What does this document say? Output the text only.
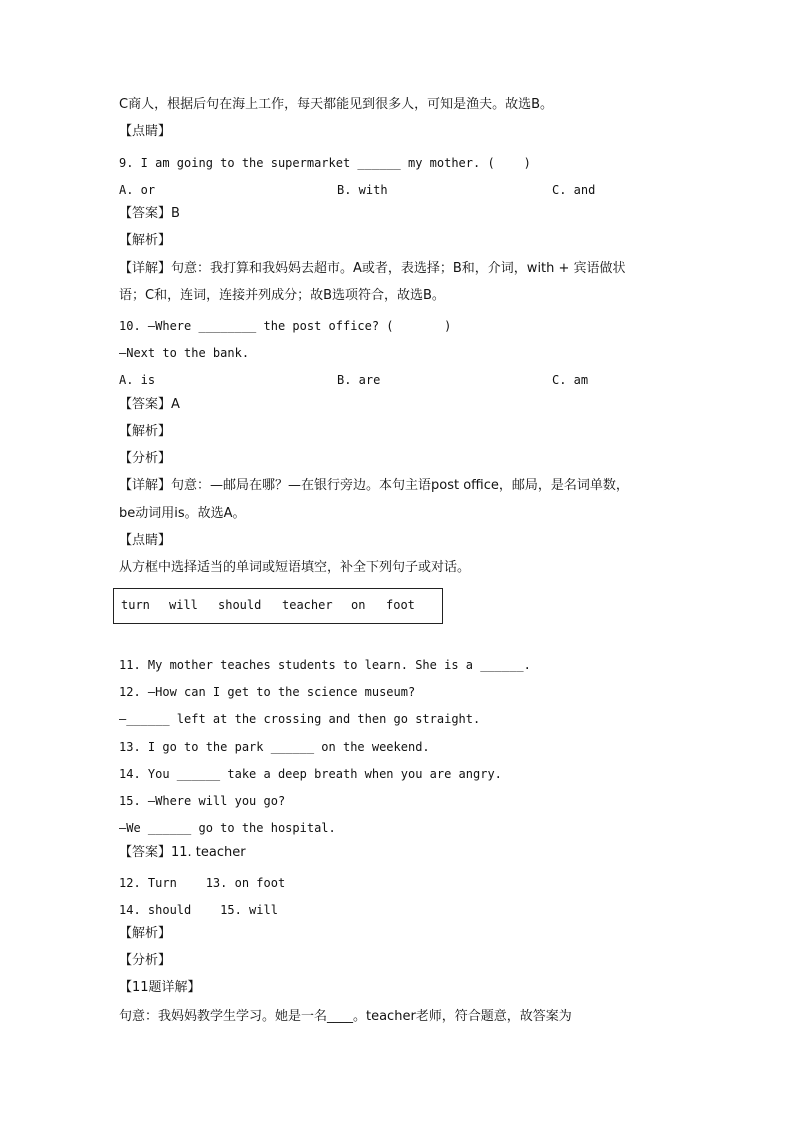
C商人，根据后句在海上工作，每天都能见到很多人，可知是渔夫。故选B。
【点睛】
9. I am going to the supermarket ______ my mother. (    )
A. or	B. with	C. and
【答案】B
【解析】
【详解】句意：我打算和我妈妈去超市。A或者，表选择；B和，介词，with + 宾语做状
语；C和，连词，连接并列成分；故B选项符合，故选B。
10. —Where ________ the post office? (       )
—Next to the bank.
A. is	B. are	C. am
【答案】A
【解析】
【分析】
【详解】句意：—邮局在哪？—在银行旁边。本句主语post office，邮局，是名词单数，
be动词用is。故选A。
【点睛】
从方框中选择适当的单词或短语填空，补全下列句子或对话。
turn will should teacher on foot
11. My mother teaches students to learn. She is a ______.
12. —How can I get to the science museum?
—______ left at the crossing and then go straight.
13. I go to the park ______ on the weekend.
14. You ______ take a deep breath when you are angry.
15. —Where will you go?
—We ______ go to the hospital.
【答案】11. teacher
12. Turn    13. on foot
14. should    15. will
【解析】
【分析】
【11题详解】
句意：我妈妈教学生学习。她是一名____。teacher老师，符合题意，故答案为
